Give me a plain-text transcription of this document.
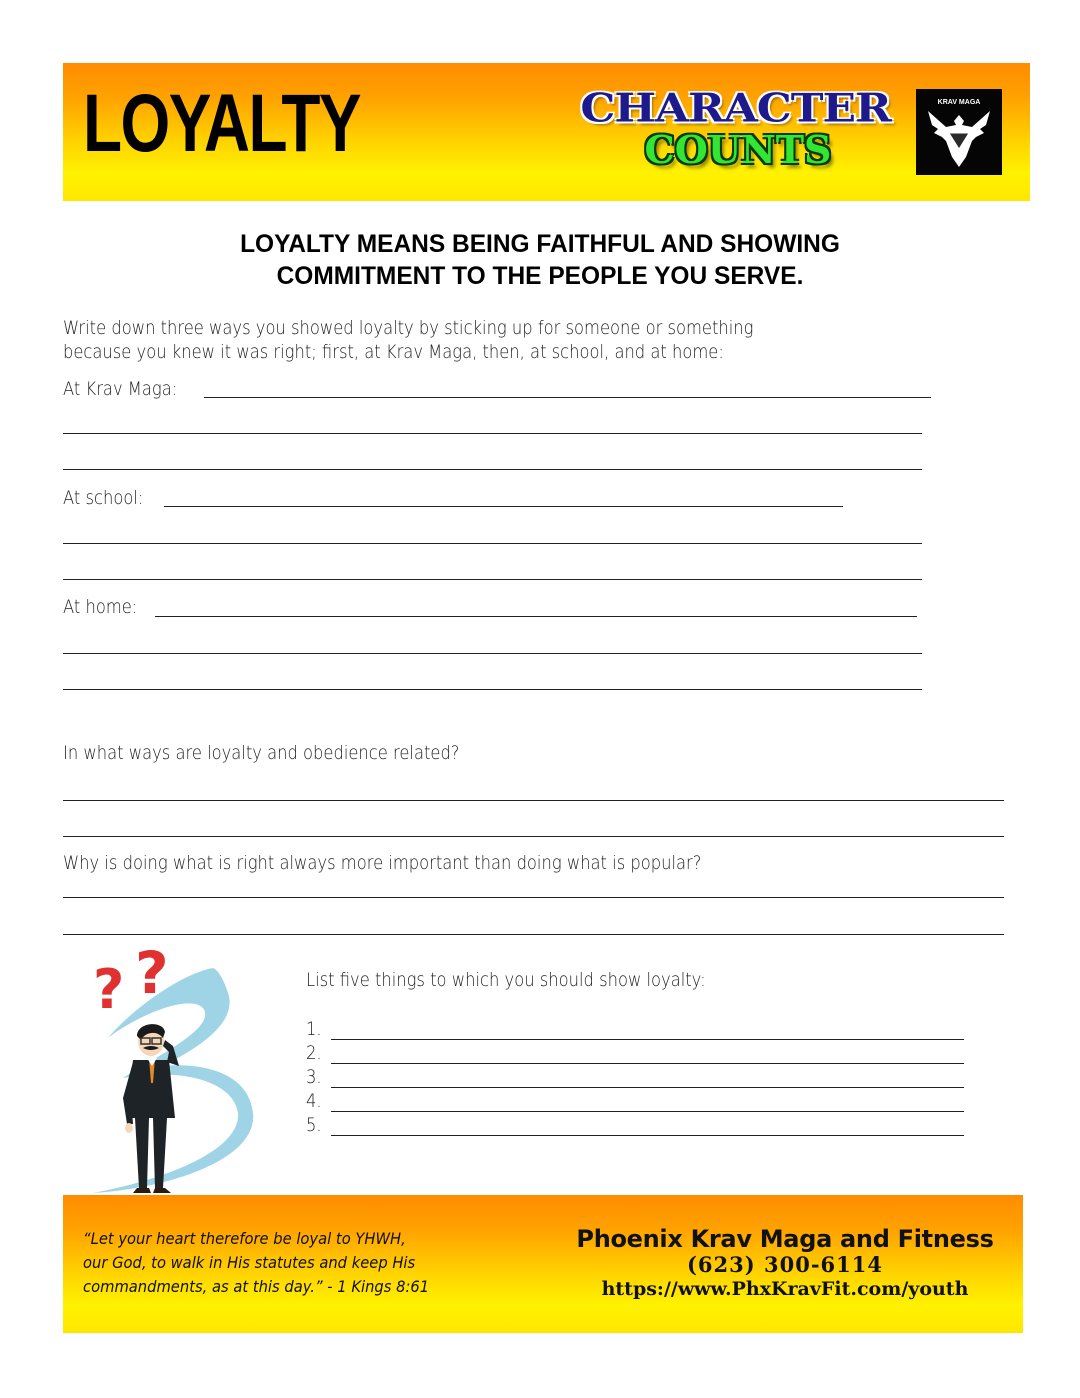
LOYALTY	CHARACTER
COUNTS
KRAV MAGA
LOYALTY MEANS BEING FAITHFUL AND SHOWING
COMMITMENT TO THE PEOPLE YOU SERVE.
Write down three ways you showed loyalty by sticking up for someone or something
because you knew it was right; first, at Krav Maga, then, at school, and at home:
At Krav Maga:
At school:
At home:
In what ways are loyalty and obedience related?
Why is doing what is right always more important than doing what is popular?
? ?	List five things to which you should show loyalty:
1.
2.
3.
4.
5.
“Let your heart therefore be loyal to YHWH,
our God, to walk in His statutes and keep His
commandments, as at this day.” - 1 Kings 8:61
Phoenix Krav Maga and Fitness
(623) 300-6114
https://www.PhxKravFit.com/youth
